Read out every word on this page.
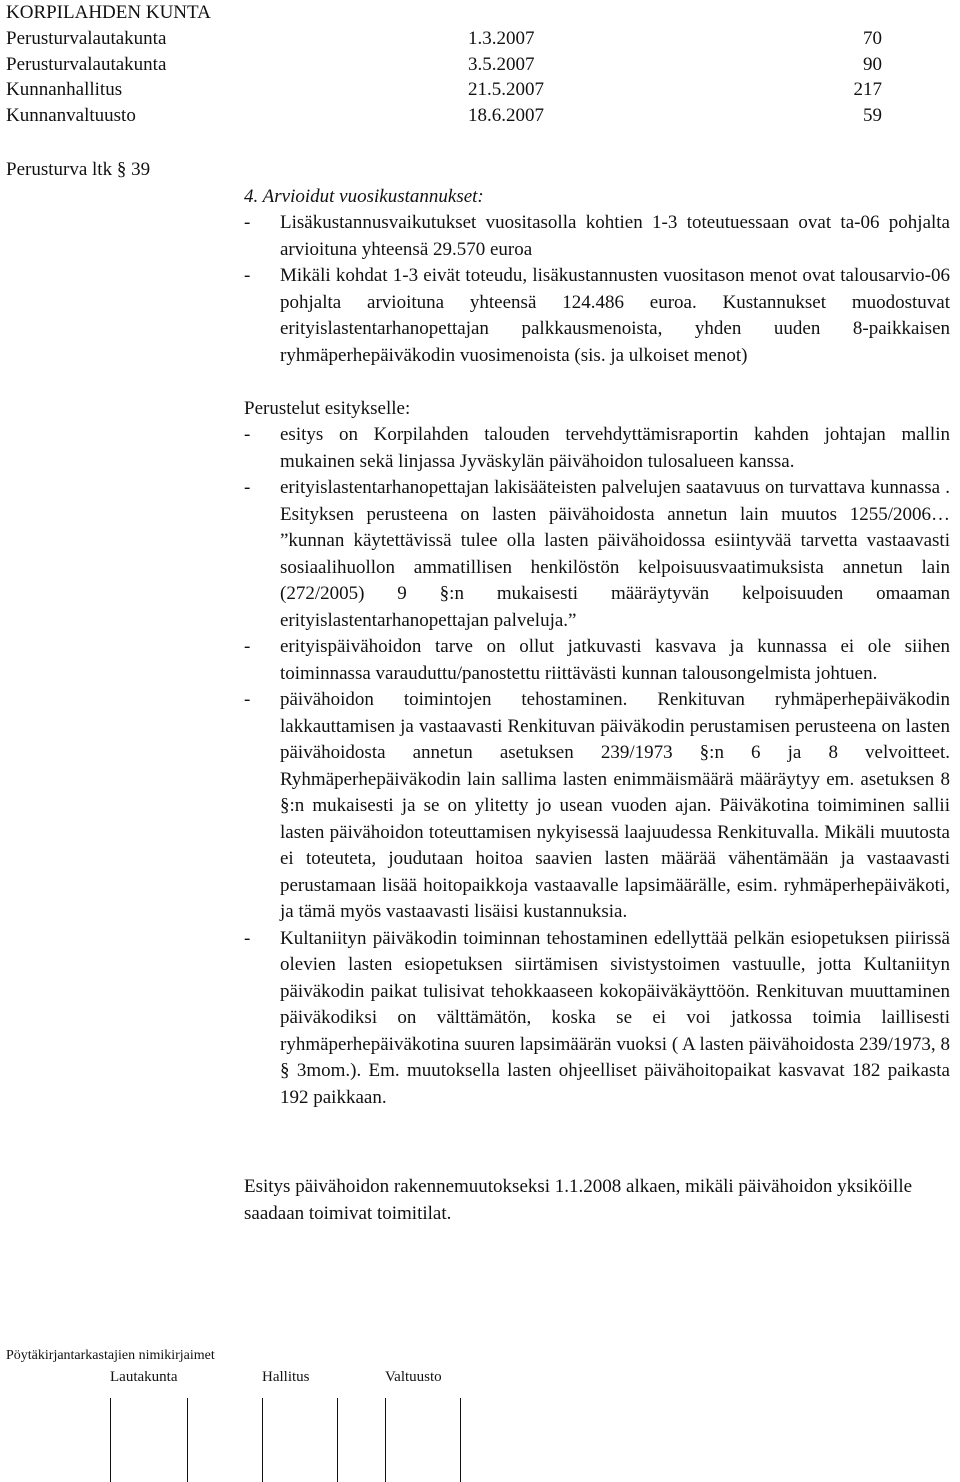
KORPILAHDEN KUNTA
Perusturvalautakunta	1.3.2007	70
Perusturvalautakunta	3.5.2007	90
Kunnanhallitus	21.5.2007	217
Kunnanvaltuusto	18.6.2007	59
Perusturva ltk § 39
4. Arvioidut vuosikustannukset:
- Lisäkustannusvaikutukset vuositasolla kohtien 1-3 toteutuessaan ovat ta-06 pohjalta arvioituna yhteensä 29.570 euroa
- Mikäli kohdat 1-3 eivät toteudu, lisäkustannusten vuositason menot ovat talousarvio-06 pohjalta arvioituna yhteensä 124.486 euroa. Kustannukset muodostuvat erityislastentarhanopettajan palkkausmenoista, yhden uuden 8-paikkaisen ryhmäperhepäiväkodin vuosimenoista (sis. ja ulkoiset menot)
Perustelut esitykselle:
- esitys on Korpilahden talouden tervehdyttämisraportin kahden johtajan mallin mukainen sekä linjassa Jyväskylän päivähoidon tulosalueen kanssa.
- erityislastentarhanopettajan lakisääteisten palvelujen saatavuus on turvattava kunnassa . Esityksen perusteena on lasten päivähoidosta annetun lain muutos 1255/2006… ”kunnan käytettävissä tulee olla lasten päivähoidossa esiintyvää tarvetta vastaavasti sosiaalihuollon ammatillisen henkilöstön kelpoisuusvaatimuksista annetun lain (272/2005) 9 §:n mukaisesti määräytyvän kelpoisuuden omaaman erityislastentarhanopettajan palveluja.”
- erityispäivähoidon tarve on ollut jatkuvasti kasvava ja kunnassa ei ole siihen toiminnassa varauduttu/panostettu riittävästi kunnan talousongelmista johtuen.
- päivähoidon toimintojen tehostaminen. Renkituvan ryhmäperhepäiväkodin lakkauttamisen ja vastaavasti Renkituvan päiväkodin perustamisen perusteena on lasten päivähoidosta annetun asetuksen 239/1973 §:n 6 ja 8 velvoitteet. Ryhmäperhepäiväkodin lain sallima lasten enimmäismäärä määräytyy em. asetuksen 8 §:n mukaisesti ja se on ylitetty jo usean vuoden ajan. Päiväkotina toimiminen sallii lasten päivähoidon toteuttamisen nykyisessä laajuudessa Renkituvalla. Mikäli muutosta ei toteuteta, joudutaan hoitoa saavien lasten määrää vähentämään ja vastaavasti perustamaan lisää hoitopaikkoja vastaavalle lapsimäärälle, esim. ryhmäperhepäiväkoti, ja tämä myös vastaavasti lisäisi kustannuksia.
- Kultaniityn päiväkodin toiminnan tehostaminen edellyttää pelkän esiopetuksen piirissä olevien lasten esiopetuksen siirtämisen sivistystoimen vastuulle, jotta Kultaniityn päiväkodin paikat tulisivat tehokkaaseen kokopäiväkäyttöön. Renkituvan muuttaminen päiväkodiksi on välttämätön, koska se ei voi jatkossa toimia laillisesti ryhmäperhepäiväkotina suuren lapsimäärän vuoksi ( A lasten päivähoidosta 239/1973, 8 § 3mom.). Em. muutoksella lasten ohjeelliset päivähoitopaikat kasvavat 182 paikasta 192 paikkaan.
Esitys päivähoidon rakennemuutokseksi 1.1.2008 alkaen, mikäli päivähoidon yksiköille saadaan toimivat toimitilat.
Pöytäkirjantarkastajien nimikirjaimet
Lautakunta	Hallitus	Valtuusto
